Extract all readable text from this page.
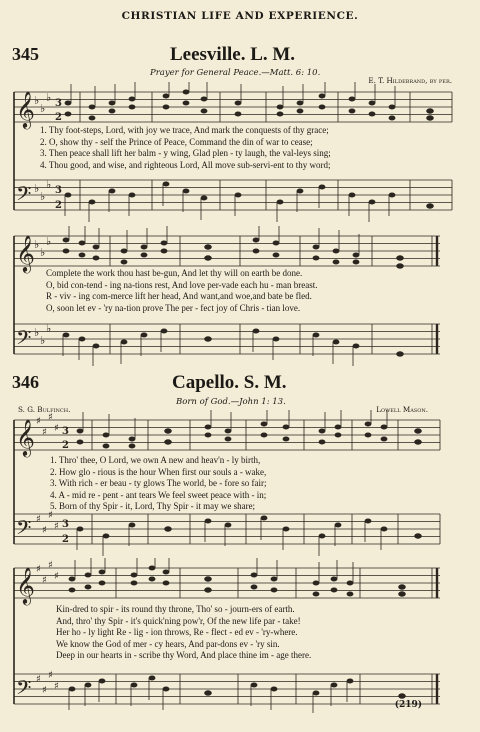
CHRISTIAN LIFE AND EXPERIENCE.
345	Leesville. L. M.
Prayer for General Peace.—Matt. 6: 10.
E. T. Hildebrand, by per.
𝄞
𝄢
♭
♭
♭
♭
♭
♭
3
2
3
2
1. Thy foot-steps, Lord, with joy we trace, And mark the conquests of thy grace;
2. O, show thy - self the Prince of Peace, Command the din of war to cease;
3. Then peace shall lift her balm - y wing, Glad plen - ty laugh, the val-leys sing;
4. Thou good, and wise, and righteous Lord, All move sub-servi-ent to thy word;
𝄞
𝄢
♭
♭
♭
♭
♭
♭
Complete the work thou hast be-gun, And let thy will on earth be done.
O, bid con-tend - ing na-tions rest, And love per-vade each hu - man breast.
R - viv - ing com-merce lift her head, And want,and woe,and bate be fled.
O, soon let ev - 'ry na-tion prove The per - fect joy of Chris - tian love.
346	Capello. S. M.
Born of God.—John 1: 13.
S. G. Bulfinch.	Lowell Mason.
𝄞
𝄢
♯
♯
♯
♯
♯
♯
♯
♯
3
2
3
2
1. Thro' thee, O Lord, we own A new and heav'n - ly birth,
2. How glo - rious is the hour When first our souls a - wake,
3. With rich - er beau - ty glows The world, be - fore so fair;
4. A - mid re - pent - ant tears We feel sweet peace with - in;
5. Born of thy Spir - it, Lord, Thy Spir - it may we share;
𝄞
𝄢
♯
♯
♯
♯
♯
♯
♯
♯
Kin-dred to spir - its round thy throne, Tho' so - journ-ers of earth.
And, thro' thy Spir - it's quick'ning pow'r, Of the new life par - take!
Her ho - ly light Re - lig - ion throws, Re - flect - ed ev - 'ry-where.
We know the God of mer - cy hears, And par-dons ev - 'ry sin.
Deep in our hearts in - scribe thy Word, And place thine im - age there.
(219)
